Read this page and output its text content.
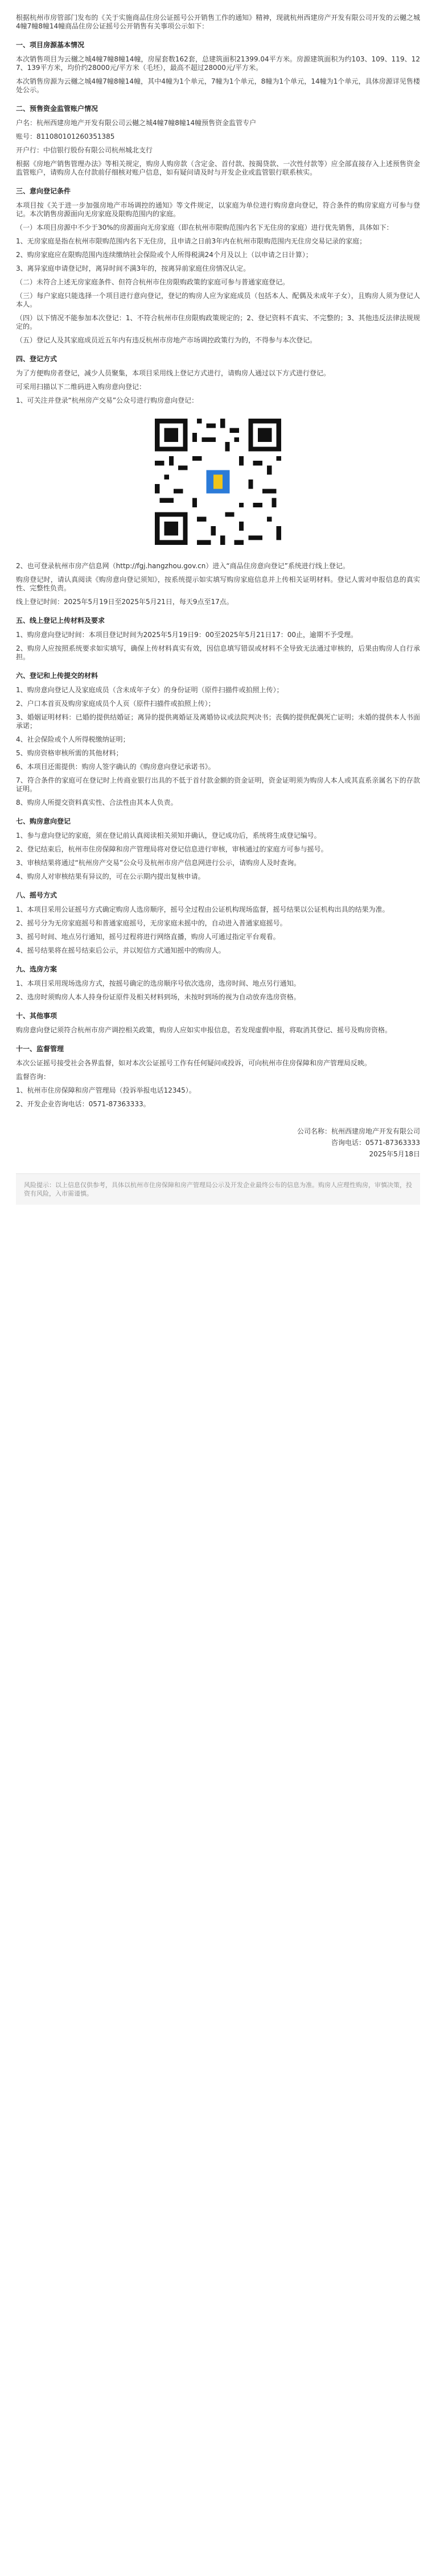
根据杭州市房管部门发布的《关于实施商品住房公证摇号公开销售工作的通知》精神，现就杭州西建房产开发有限公司开发的云樾之城4幢7幢8幢14幢商品住房公证摇号公开销售有关事项公示如下：

一、项目房源基本情况

本次销售项目为云樾之城4幢7幢8幢14幢，房屋套数162套，总建筑面积21399.04平方米。房源建筑面积为约103、109、119、127、139平方米，均价约28000元/平方米（毛坯），最高不超过28000元/平方米。

本次销售房源为云樾之城4幢7幢8幢14幢，其中4幢为1个单元，7幢为1个单元，8幢为1个单元，14幢为1个单元，具体房源详见售楼处公示。

二、预售资金监管账户情况

户名：杭州西建房地产开发有限公司云樾之城4幢7幢8幢14幢预售资金监管专户

账号：811080101260351385

开户行：中信银行股份有限公司杭州城北支行

根据《房地产销售管理办法》等相关规定，购房人购房款（含定金、首付款、按揭贷款、一次性付款等）应全部直接存入上述预售资金监管账户，请购房人在付款前仔细核对账户信息，如有疑问请及时与开发企业或监管银行联系核实。

三、意向登记条件

本项目按《关于进一步加强房地产市场调控的通知》等文件规定，以家庭为单位进行购房意向登记，符合条件的购房家庭方可参与登记。本次销售房源面向无房家庭及限购范围内的家庭。

（一）本项目房源中不少于30%的房源面向无房家庭（即在杭州市限购范围内名下无住房的家庭）进行优先销售，具体如下：

1、无房家庭是指在杭州市限购范围内名下无住房，且申请之日前3年内在杭州市限购范围内无住房交易记录的家庭；

2、购房家庭应在限购范围内连续缴纳社会保险或个人所得税满24个月及以上（以申请之日计算）；

3、离异家庭申请登记时，离异时间不满3年的，按离异前家庭住房情况认定。

（二）未符合上述无房家庭条件、但符合杭州市住房限购政策的家庭可参与普通家庭登记。

（三）每户家庭只能选择一个项目进行意向登记，登记的购房人应为家庭成员（包括本人、配偶及未成年子女），且购房人须为登记人本人。

（四）以下情况不能参加本次登记：1、不符合杭州市住房限购政策规定的；2、登记资料不真实、不完整的；3、其他违反法律法规规定的。

（五）登记人及其家庭成员近五年内有违反杭州市房地产市场调控政策行为的，不得参与本次登记。

四、登记方式

为了方便购房者登记，减少人员聚集，本项目采用线上登记方式进行，请购房人通过以下方式进行登记。

可采用扫描以下二维码进入购房意向登记：

1、可关注并登录“杭州房产交易”公众号进行购房意向登记：

2、也可登录杭州市房产信息网（http://fgj.hangzhou.gov.cn）进入“商品住房意向登记”系统进行线上登记。

购房登记时，请认真阅读《购房意向登记须知》，按系统提示如实填写购房家庭信息并上传相关证明材料。登记人需对申报信息的真实性、完整性负责。

线上登记时间：2025年5月19日至2025年5月21日，每天9点至17点。

五、线上登记上传材料及要求

1、购房意向登记时间：本项目登记时间为2025年5月19日9：00至2025年5月21日17：00止，逾期不予受理。

2、购房人应按照系统要求如实填写，确保上传材料真实有效，因信息填写错误或材料不全导致无法通过审核的，后果由购房人自行承担。

六、登记和上传提交的材料

1、购房意向登记人及家庭成员（含未成年子女）的身份证明（原件扫描件或拍照上传）；

2、户口本首页及购房家庭成员个人页（原件扫描件或拍照上传）；

3、婚姻证明材料：已婚的提供结婚证；离异的提供离婚证及离婚协议或法院判决书；丧偶的提供配偶死亡证明；未婚的提供本人书面承诺；

4、社会保险或个人所得税缴纳证明；

5、购房资格审核所需的其他材料；

6、本项目还需提供：购房人签字确认的《购房意向登记承诺书》。

7、符合条件的家庭可在登记时上传商业银行出具的不低于首付款金额的资金证明，资金证明须为购房人本人或其直系亲属名下的存款证明。

8、购房人所提交资料真实性、合法性由其本人负责。

七、购房意向登记

1、参与意向登记的家庭，须在登记前认真阅读相关须知并确认，登记成功后，系统将生成登记编号。

2、登记结束后，杭州市住房保障和房产管理局将对登记信息进行审核，审核通过的家庭方可参与摇号。

3、审核结果将通过“杭州房产交易”公众号及杭州市房产信息网进行公示，请购房人及时查询。

4、购房人对审核结果有异议的，可在公示期内提出复核申请。

八、摇号方式

1、本项目采用公证摇号方式确定购房人选房顺序，摇号全过程由公证机构现场监督，摇号结果以公证机构出具的结果为准。

2、摇号分为无房家庭摇号和普通家庭摇号，无房家庭未摇中的，自动进入普通家庭摇号。

3、摇号时间、地点另行通知，摇号过程将进行网络直播，购房人可通过指定平台观看。

4、摇号结果将在摇号结束后公示，并以短信方式通知摇中的购房人。

九、选房方案

1、本项目采用现场选房方式，按摇号确定的选房顺序号依次选房，选房时间、地点另行通知。

2、选房时须购房人本人持身份证原件及相关材料到场，未按时到场的视为自动放弃选房资格。

十、其他事项

购房意向登记须符合杭州市房产调控相关政策，购房人应如实申报信息，若发现虚假申报，将取消其登记、摇号及购房资格。

十一、监督管理

本次公证摇号接受社会各界监督，如对本次公证摇号工作有任何疑问或投诉，可向杭州市住房保障和房产管理局反映。

监督咨询：

1、杭州市住房保障和房产管理局（投诉举报电话12345）。

2、开发企业咨询电话：0571-87363333。

公司名称：杭州西建房地产开发有限公司
咨询电话：0571-87363333
2025年5月18日
风险提示：以上信息仅供参考，具体以杭州市住房保障和房产管理局公示及开发企业最终公布的信息为准。购房人应理性购房，审慎决策，投资有风险，入市需谨慎。
